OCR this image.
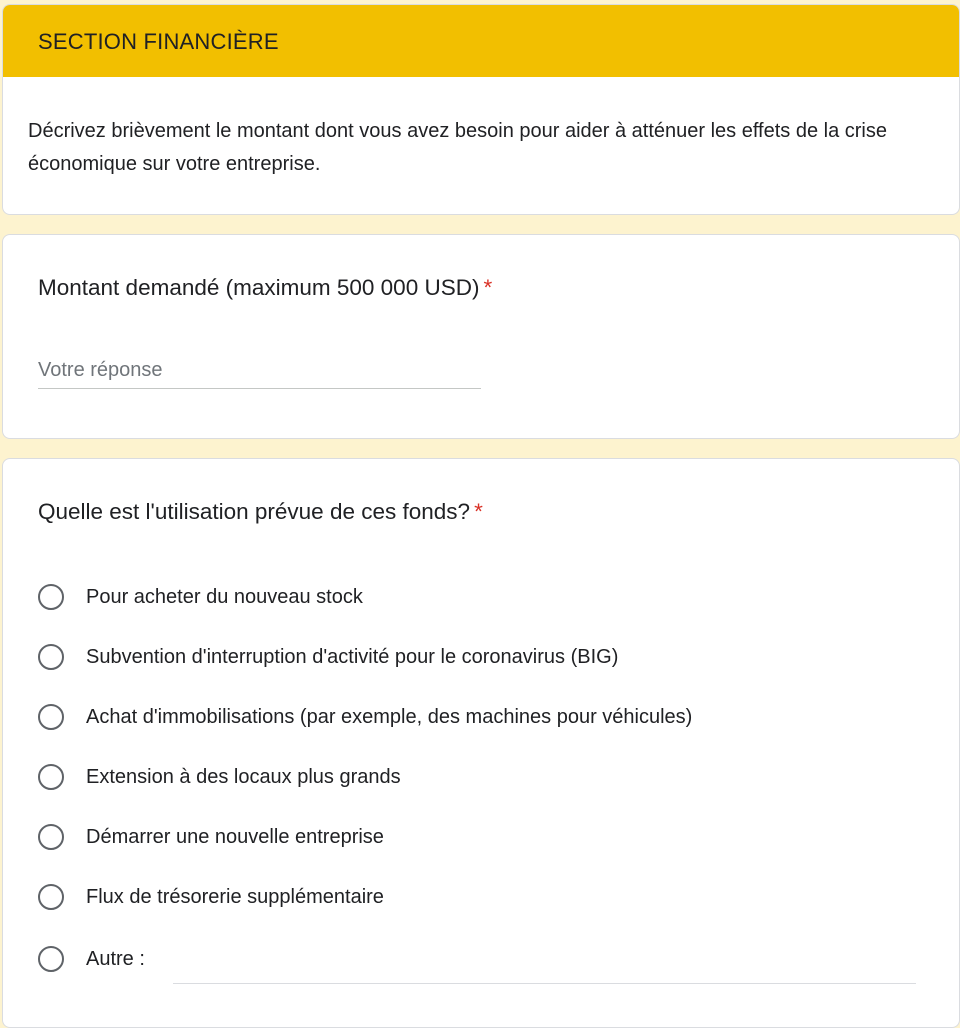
SECTION FINANCIÈRE
Décrivez brièvement le montant dont vous avez besoin pour aider à atténuer les effets de la crise économique sur votre entreprise.
Montant demandé (maximum 500 000 USD) *
Votre réponse
Quelle est l'utilisation prévue de ces fonds? *
Pour acheter du nouveau stock
Subvention d'interruption d'activité pour le coronavirus (BIG)
Achat d'immobilisations (par exemple, des machines pour véhicules)
Extension à des locaux plus grands
Démarrer une nouvelle entreprise
Flux de trésorerie supplémentaire
Autre :
